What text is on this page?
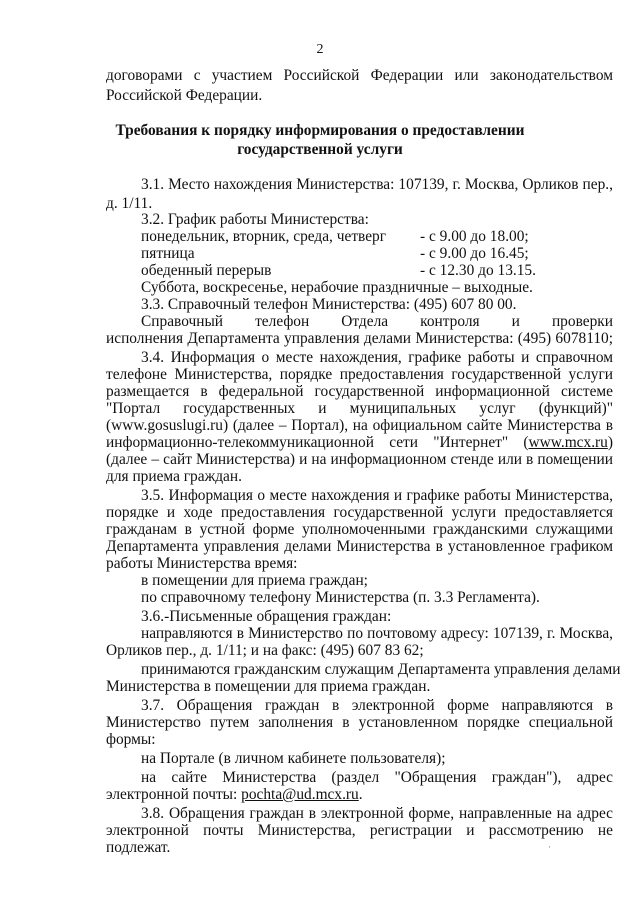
2
договорами с участием Российской Федерации или законодательством
Российской Федерации.
Требования к порядку информирования о предоставлении
государственной услуги
3.1. Место нахождения Министерства: 107139, г. Москва, Орликов пер.,
д. 1/11.
3.2. График работы Министерства:
понедельник, вторник, среда, четверг - с 9.00 до 18.00;
пятница	- с 9.00 до 16.45;
обеденный перерыв	- с 12.30 до 13.15.
Суббота, воскресенье, нерабочие праздничные – выходные.
3.3. Справочный телефон Министерства: (495) 607 80 00.
Справочный телефон Отдела контроля и проверки
исполнения Департамента управления делами Министерства: (495) 6078110;
3.4. Информация о месте нахождения, графике работы и справочном
телефоне Министерства, порядке предоставления государственной услуги
размещается в федеральной государственной информационной системе
"Портал государственных и муниципальных услуг (функций)"
(www.gosuslugi.ru) (далее – Портал), на официальном сайте Министерства в
информационно-телекоммуникационной сети "Интернет" ( www.mcx.ru )
(далее – сайт Министерства) и на информационном стенде или в помещении
для приема граждан.
3.5. Информация о месте нахождения и графике работы Министерства,
порядке и ходе предоставления государственной услуги предоставляется
гражданам в устной форме уполномоченными гражданскими служащими
Департамента управления делами Министерства в установленное графиком
работы Министерства время:
в помещении для приема граждан;
по справочному телефону Министерства (п. 3.3 Регламента).
3.6.-Письменные обращения граждан:
направляются в Министерство по почтовому адресу: 107139, г. Москва,
Орликов пер., д. 1/11; и на факс: (495) 607 83 62;
принимаются гражданским служащим Департамента управления делами
Министерства в помещении для приема граждан.
3.7. Обращения граждан в электронной форме направляются в
Министерство путем заполнения в установленном порядке специальной
формы:
на Портале (в личном кабинете пользователя);
на сайте Министерства (раздел "Обращения граждан"), адрес
электронной почты: pochta@ud.mcx.ru.
3.8. Обращения граждан в электронной форме, направленные на адрес
электронной почты Министерства, регистрации и рассмотрению не
подлежат.	·
